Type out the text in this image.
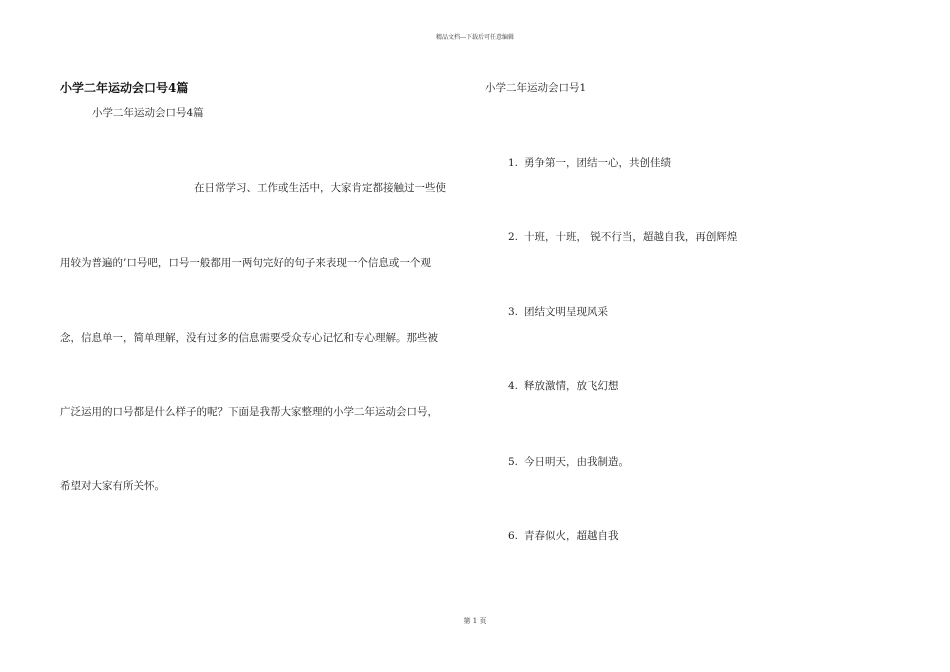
精品文档---下载后可任意编辑
小学二年运动会口号4篇
小学二年运动会口号4篇
在日常学习、工作或生活中，大家肯定都接触过一些使
用较为普遍的’口号吧，口号一般都用一两句完好的句子来表现一个信息或一个观
念，信息单一，简单理解，没有过多的信息需要受众专心记忆和专心理解。那些被
广泛运用的口号都是什么样子的呢？下面是我帮大家整理的小学二年运动会口号，
希望对大家有所关怀。
小学二年运动会口号1
1. 勇争第一，团结一心，共创佳绩
2. 十班，十班， 锐不行当，超越自我，再创辉煌
3. 团结文明呈现风采
4. 释放激情，放飞幻想
5. 今日明天，由我制造。
6. 青春似火，超越自我
第 1 页
